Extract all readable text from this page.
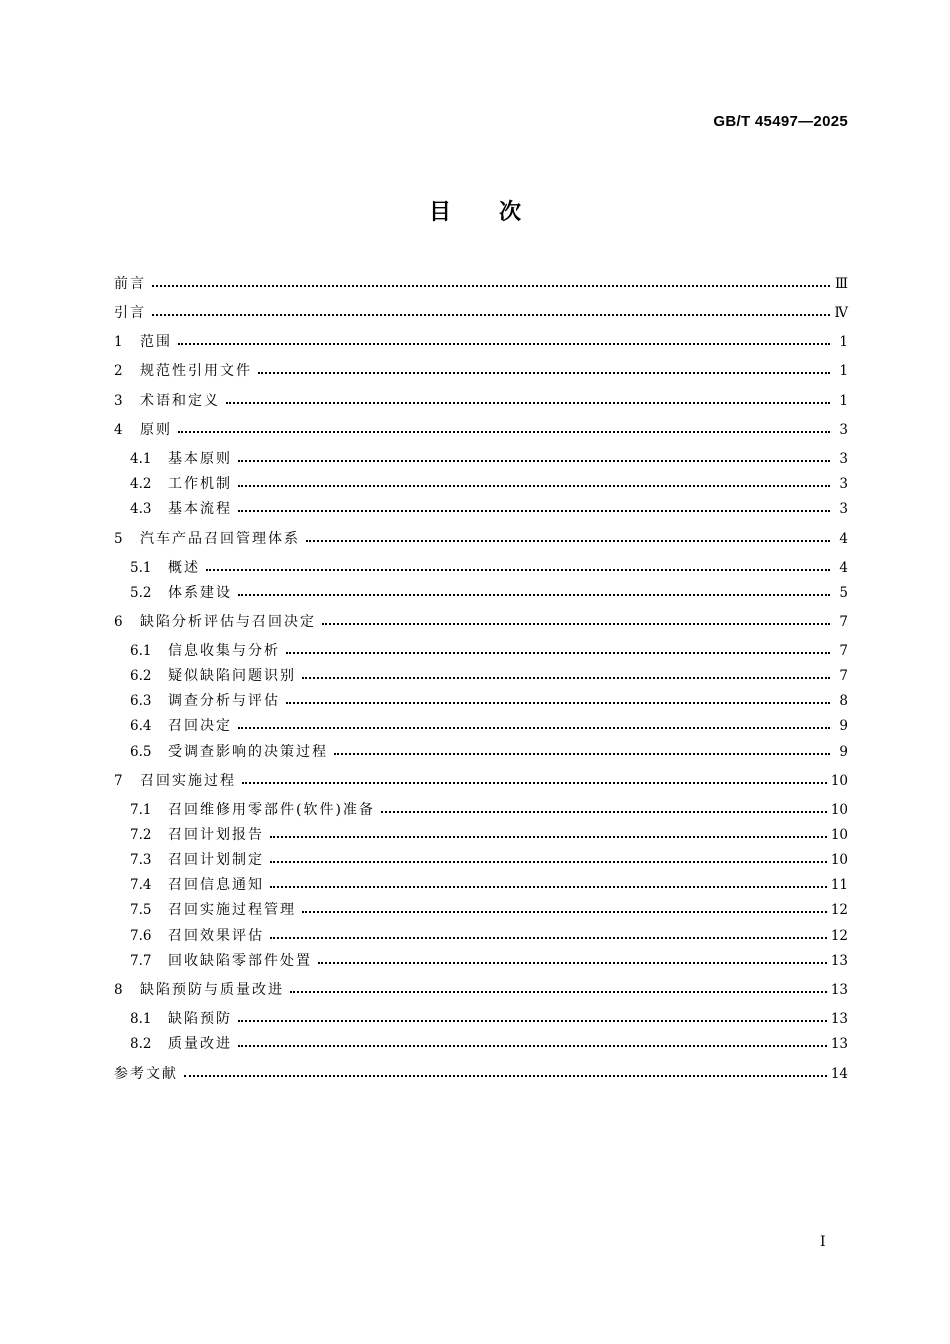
GB/T 45497—2025
目次
前言	Ⅲ
引言	Ⅳ
1	范围	1
2	规范性引用文件	1
3	术语和定义	1
4	原则	3
4.1	基本原则	3
4.2	工作机制	3
4.3	基本流程	3
5	汽车产品召回管理体系	4
5.1	概述	4
5.2	体系建设	5
6	缺陷分析评估与召回决定	7
6.1	信息收集与分析	7
6.2	疑似缺陷问题识别	7
6.3	调查分析与评估	8
6.4	召回决定	9
6.5	受调查影响的决策过程	9
7	召回实施过程	10
7.1	召回维修用零部件(软件)准备	10
7.2	召回计划报告	10
7.3	召回计划制定	10
7.4	召回信息通知	11
7.5	召回实施过程管理	12
7.6	召回效果评估	12
7.7	回收缺陷零部件处置	13
8	缺陷预防与质量改进	13
8.1	缺陷预防	13
8.2	质量改进	13
参考文献	14
I
